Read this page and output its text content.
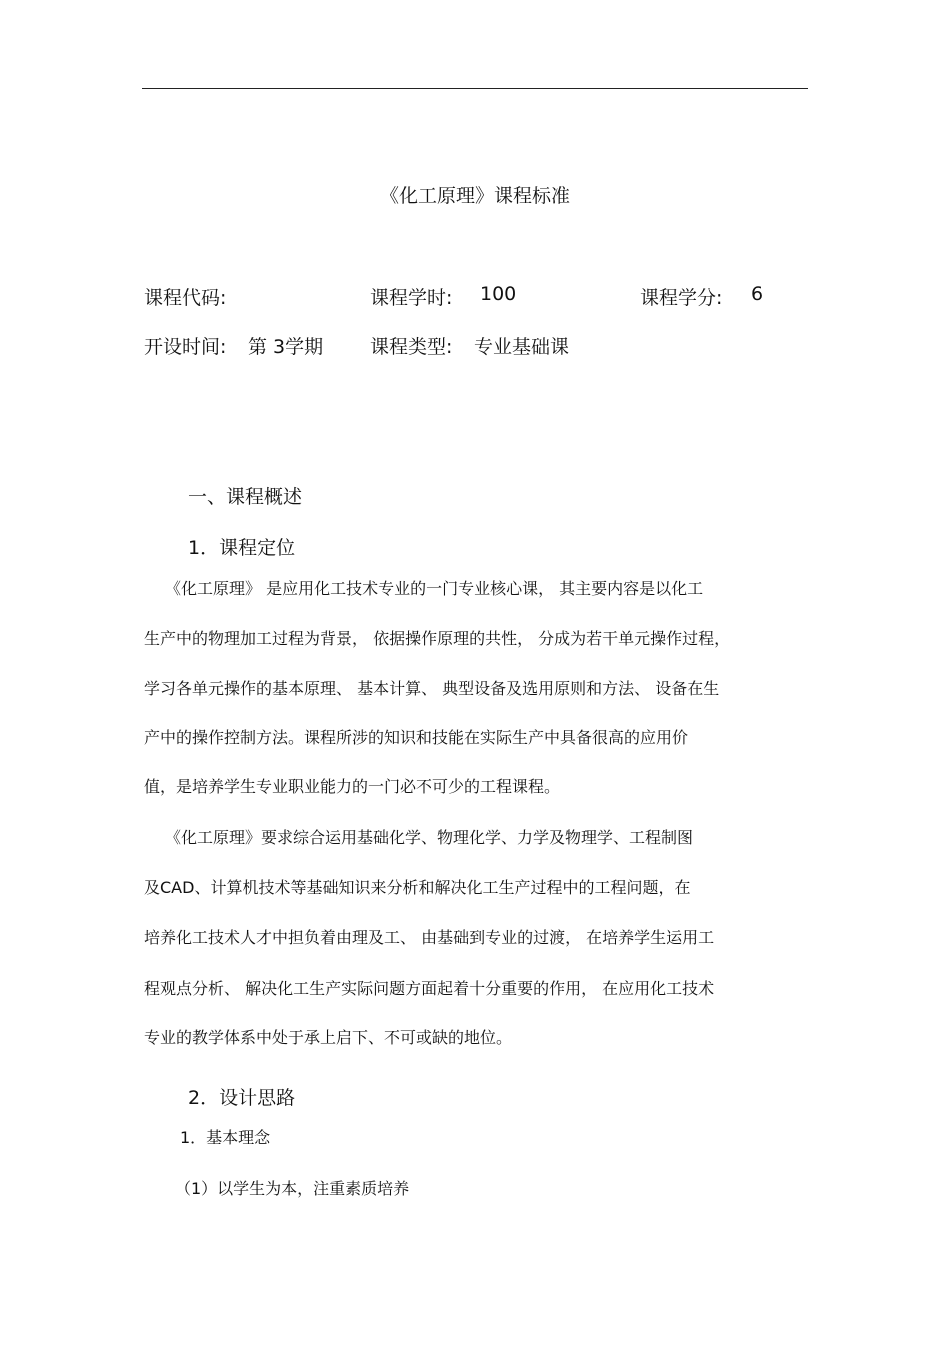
《化工原理》课程标准
课程代码:	课程学时: 100	课程学分: 6
开设时间: 第 3学期 课程类型: 专业基础课
一、课程概述
1．课程定位
《化工原理》 是应用化工技术专业的一门专业核心课， 其主要内容是以化工
生产中的物理加工过程为背景， 依据操作原理的共性， 分成为若干单元操作过程，
学习各单元操作的基本原理、 基本计算、 典型设备及选用原则和方法、 设备在生
产中的操作控制方法。课程所涉的知识和技能在实际生产中具备很高的应用价
值，是培养学生专业职业能力的一门必不可少的工程课程。
《化工原理》要求综合运用基础化学、物理化学、力学及物理学、工程制图
及CAD、计算机技术等基础知识来分析和解决化工生产过程中的工程问题，在
培养化工技术人才中担负着由理及工、 由基础到专业的过渡， 在培养学生运用工
程观点分析、 解决化工生产实际问题方面起着十分重要的作用， 在应用化工技术
专业的教学体系中处于承上启下、不可或缺的地位。
2．设计思路
1．基本理念
（1）以学生为本，注重素质培养
